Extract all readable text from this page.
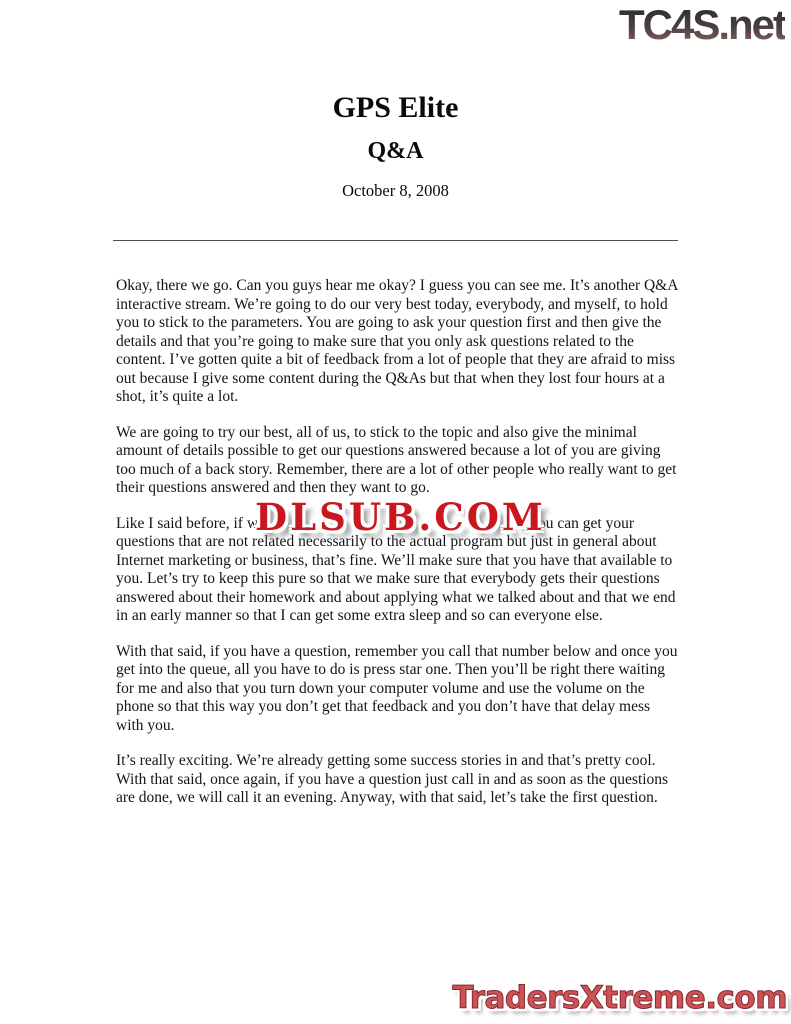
TC4S.net
GPS Elite
Q&A
October 8, 2008

Okay, there we go. Can you guys hear me okay? I guess you can see me. It’s another Q&A interactive stream. We’re going to do our very best today, everybody, and myself, to hold you to stick to the parameters. You are going to ask your question first and then give the details and that you’re going to make sure that you only ask questions related to the content. I’ve gotten quite a bit of feedback from a lot of people that they are afraid to miss out because I give some content during the Q&As but that when they lost four hours at a shot, it’s quite a lot.

We are going to try our best, all of us, to stick to the topic and also give the minimal amount of details possible to get our questions answered because a lot of you are giving too much of a back story. Remember, there are a lot of other people who really want to get their questions answered and then they want to go.

Like I said before, if w	ou can get your

questions that are not related necessarily to the actual program but just in general about Internet marketing or business, that’s fine. We’ll make sure that you have that available to you. Let’s try to keep this pure so that we make sure that everybody gets their questions answered about their homework and about applying what we talked about and that we end in an early manner so that I can get some extra sleep and so can everyone else.

DLSUB.COM

With that said, if you have a question, remember you call that number below and once you get into the queue, all you have to do is press star one. Then you’ll be right there waiting for me and also that you turn down your computer volume and use the volume on the phone so that this way you don’t get that feedback and you don’t have that delay mess with you.

It’s really exciting. We’re already getting some success stories in and that’s pretty cool. With that said, once again, if you have a question just call in and as soon as the questions are done, we will call it an evening. Anyway, with that said, let’s take the first question.

TradersXtreme.com
